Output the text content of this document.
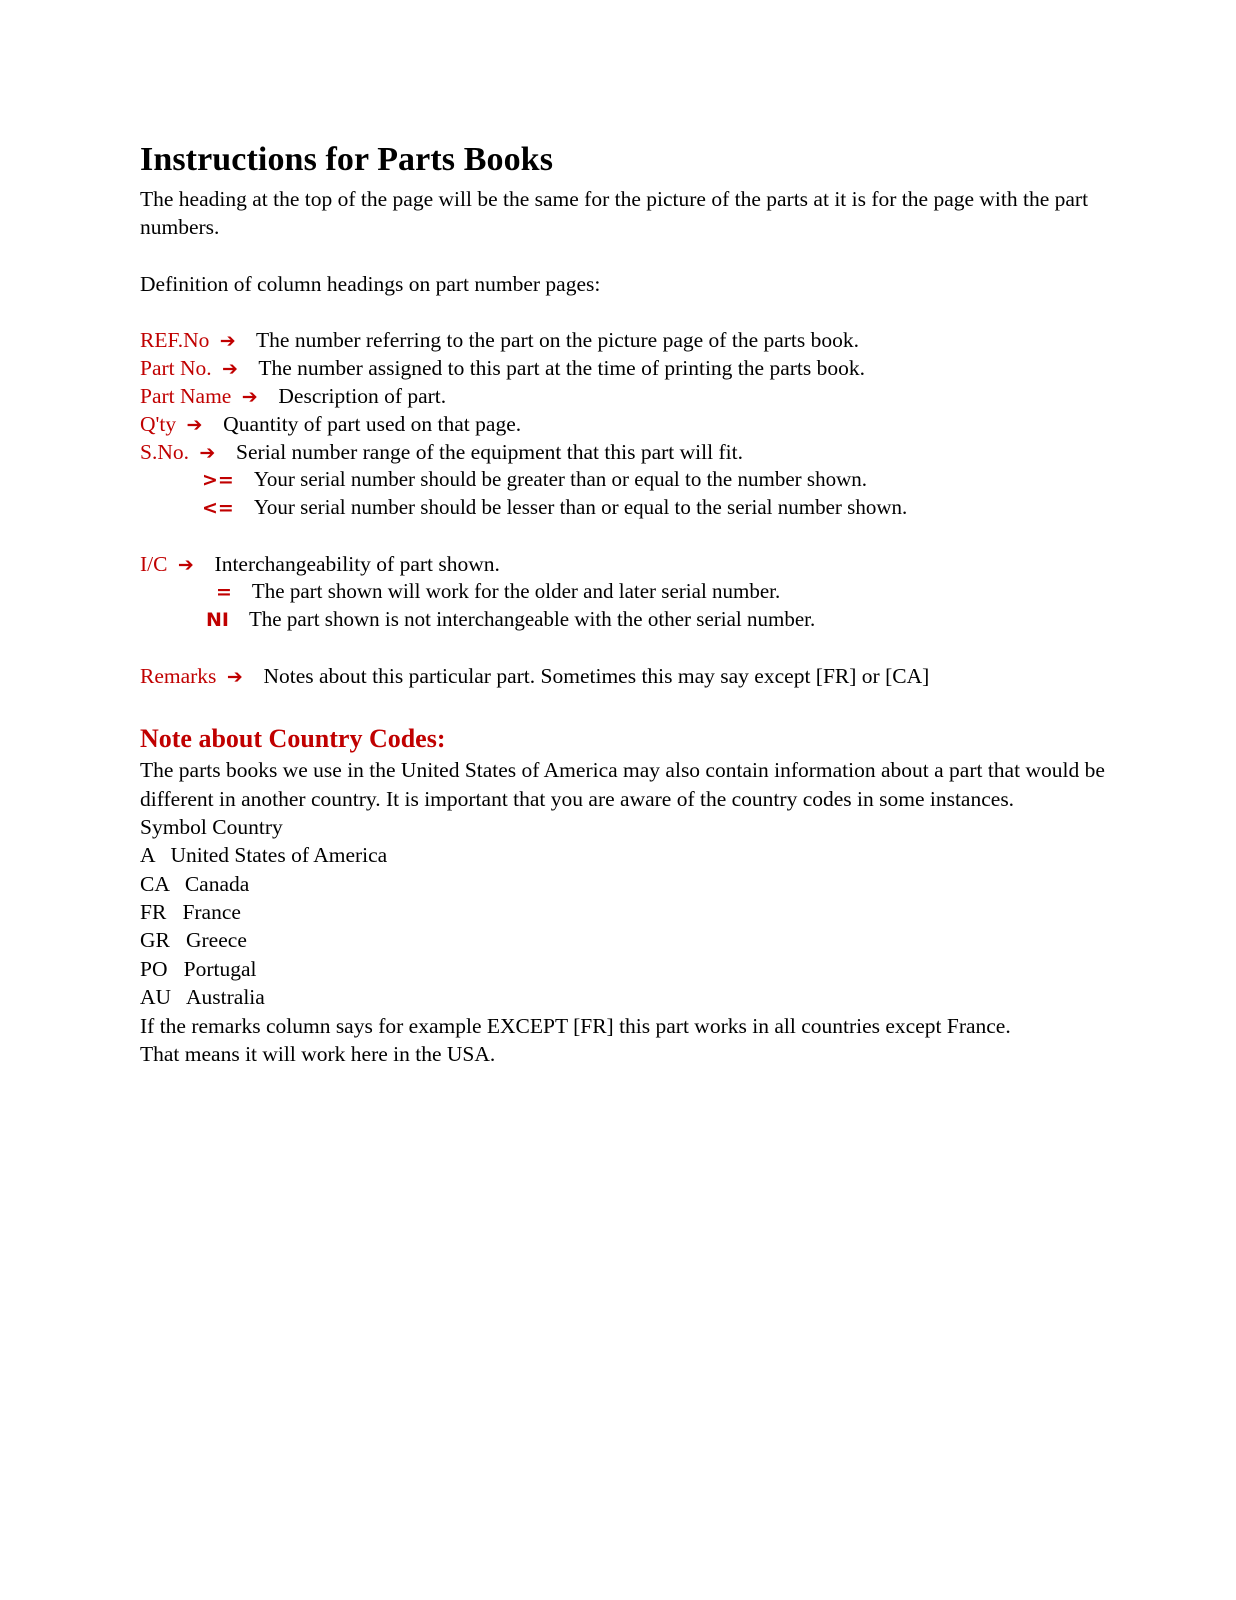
Instructions for Parts Books

The heading at the top of the page will be the same for the picture of the parts at it is for the page with the part numbers.

Definition of column headings on part number pages:

REF.No ➔ The number referring to the part on the picture page of the parts book.
Part No. ➔ The number assigned to this part at the time of printing the parts book.
Part Name ➔ Description of part.
Q'ty ➔ Quantity of part used on that page.
S.No. ➔ Serial number range of the equipment that this part will fit.
>= Your serial number should be greater than or equal to the number shown.
<= Your serial number should be lesser than or equal to the serial number shown.
I/C ➔ Interchangeability of part shown.
= The part shown will work for the older and later serial number.
NI The part shown is not interchangeable with the other serial number.
Remarks ➔ Notes about this particular part. Sometimes this may say except [FR] or [CA]
Note about Country Codes:

The parts books we use in the United States of America may also contain information about a part that would be

different in another country. It is important that you are aware of the country codes in some instances.

Symbol Country

A United States of America

CA Canada

FR France

GR Greece

PO Portugal

AU Australia

If the remarks column says for example EXCEPT [FR] this part works in all countries except France.

That means it will work here in the USA.
